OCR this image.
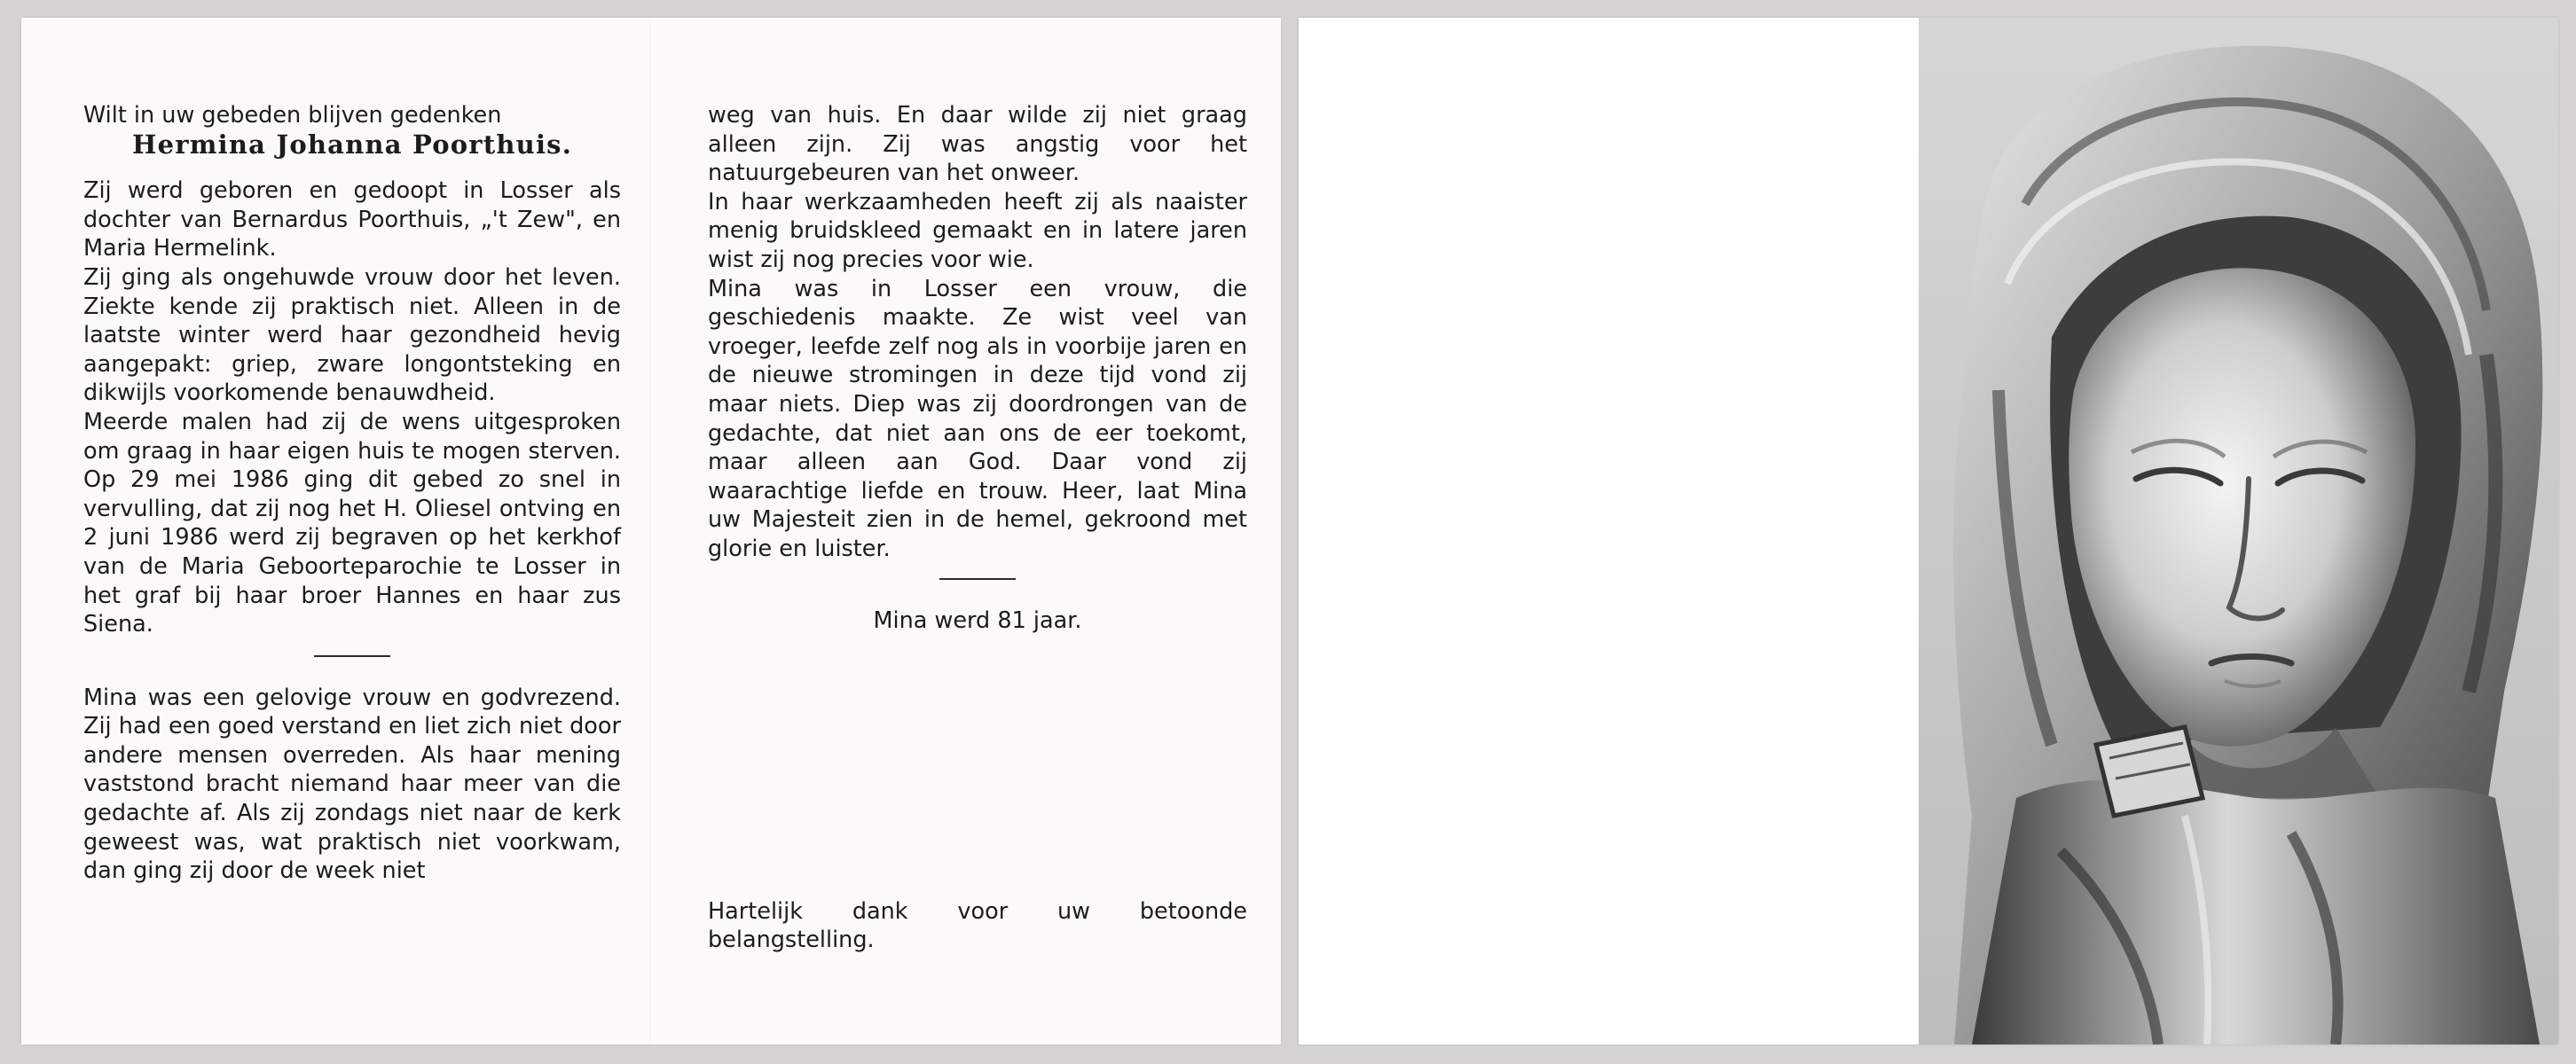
Wilt in uw gebeden blijven gedenken

Hermina Johanna Poorthuis.

Zij werd geboren en gedoopt in Losser als dochter van Bernardus Poorthuis, „'t Zew", en Maria Hermelink.

Zij ging als ongehuwde vrouw door het leven. Ziekte kende zij praktisch niet. Alleen in de laatste winter werd haar gezondheid hevig aangepakt: griep, zware longontsteking en dikwijls voorkomende benauwdheid.

Meerde malen had zij de wens uitgesproken om graag in haar eigen huis te mogen sterven. Op 29 mei 1986 ging dit gebed zo snel in vervulling, dat zij nog het H. Oliesel ontving en 2 juni 1986 werd zij begraven op het kerkhof van de Maria Geboorteparochie te Losser in het graf bij haar broer Hannes en haar zus Siena.

Mina was een gelovige vrouw en godvrezend. Zij had een goed verstand en liet zich niet door andere mensen overreden. Als haar mening vaststond bracht niemand haar meer van die gedachte af. Als zij zondags niet naar de kerk geweest was, wat praktisch niet voorkwam, dan ging zij door de week niet

weg van huis. En daar wilde zij niet graag alleen zijn. Zij was angstig voor het natuurgebeuren van het onweer.

In haar werkzaamheden heeft zij als naaister menig bruidskleed gemaakt en in latere jaren wist zij nog precies voor wie.

Mina was in Losser een vrouw, die geschiedenis maakte. Ze wist veel van vroeger, leefde zelf nog als in voorbije jaren en de nieuwe stromingen in deze tijd vond zij maar niets. Diep was zij doordrongen van de gedachte, dat niet aan ons de eer toekomt, maar alleen aan God. Daar vond zij waarachtige liefde en trouw. Heer, laat Mina uw Majesteit zien in de hemel, gekroond met glorie en luister.

Mina werd 81 jaar.

Hartelijk dank voor uw betoonde belangstelling.
